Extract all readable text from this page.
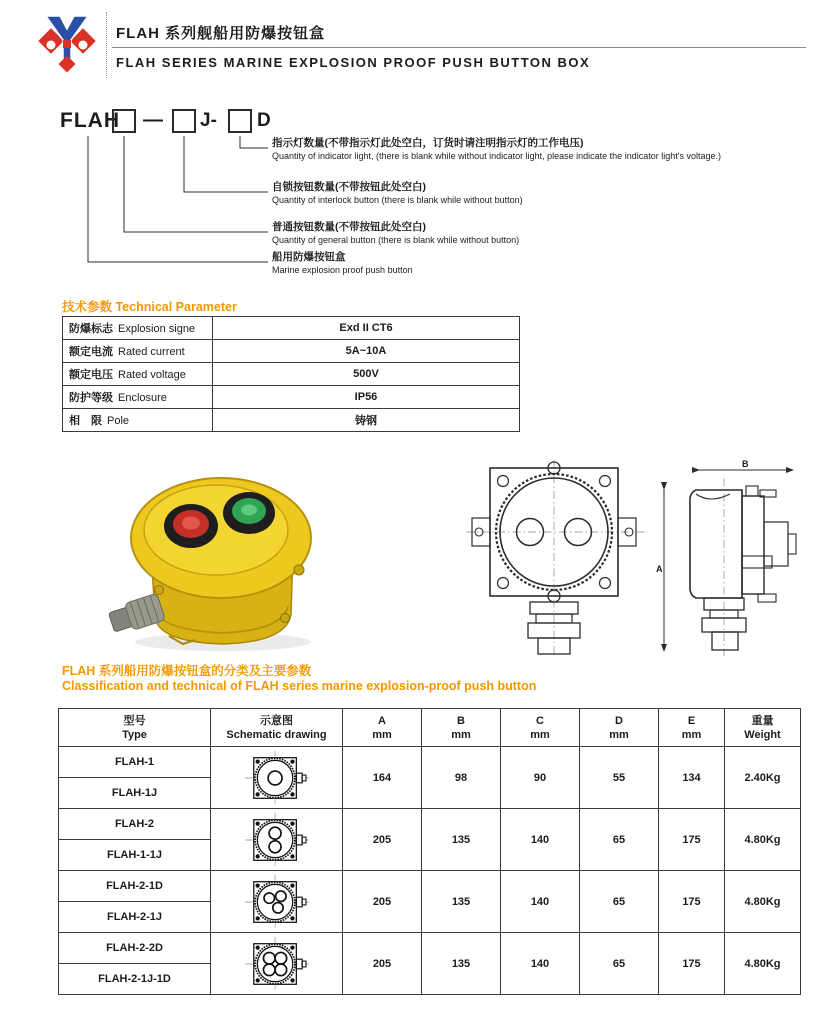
FLAH 系列舰船用防爆按钮盒
FLAH SERIES MARINE EXPLOSION PROOF PUSH BUTTON BOX
FLAH — J- D
指示灯数量(不带指示灯此处空白，订货时请注明指示灯的工作电压)
Quantity of indicator light, (there is blank while without indicator light, please indicate the indicator light's voltage.)
自锁按钮数量(不带按钮此处空白)
Quantity of interlock button (there is blank while without button)
普通按钮数量(不带按钮此处空白)
Quantity of general button (there is blank while without button)
船用防爆按钮盒
Marine explosion proof push button
技术参数 Technical Parameter
防爆标志 Explosion signe	Exd II CT6
额定电流 Rated current	5A~10A
额定电压 Rated voltage	500V
防护等级 Enclosure	IP56
相　限 Pole	铸钢
B
A
FLAH 系列船用防爆按钮盒的分类及主要参数
Classification and technical of FLAH series marine explosion-proof push button
型号
Type

示意图
Schematic drawing

A
mm

B
mm

C
mm

D
mm

E
mm

重量
Weight

FLAH-1		164	98	90	55	134	2.40Kg
FLAH-1J							
FLAH-2		205	135	140	65	175	4.80Kg
FLAH-1-1J							
FLAH-2-1D		205	135	140	65	175	4.80Kg
FLAH-2-1J							
FLAH-2-2D		205	135	140	65	175	4.80Kg
FLAH-2-1J-1D							
